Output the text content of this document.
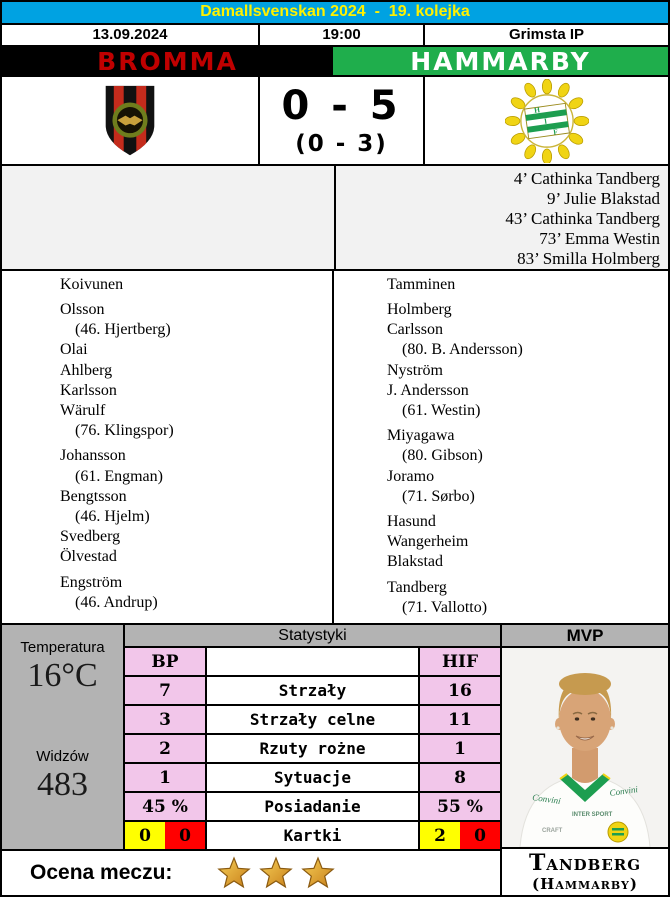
Damallsvenskan 2024  -  19. kolejka
13.09.2024	19:00	Grimsta IP
BROMMA	HAMMARBY
0 - 5
(0 - 3)
H
I
F
4’ Cathinka Tandberg
9’ Julie Blakstad
43’ Cathinka Tandberg
73’ Emma Westin
83’ Smilla Holmberg
Koivunen
Olsson
(46. Hjertberg)
Olai
Ahlberg
Karlsson
Wärulf
(76. Klingspor)
Johansson
(61. Engman)
Bengtsson
(46. Hjelm)
Svedberg
Ölvestad
Engström
(46. Andrup)
Tamminen
Holmberg
Carlsson
(80. B. Andersson)
Nyström
J. Andersson
(61. Westin)
Miyagawa
(80. Gibson)
Joramo
(71. Sørbo)
Hasund
Wangerheim
Blakstad
Tandberg
(71. Vallotto)
Temperatura
16°C
Widzów
483
Statystyki
BP	HIF
7	Strzały	16
3	Strzały celne	11
2	Rzuty rożne	1
1	Sytuacje	8
45 %	Posiadanie	55 %
0	0	Kartki	2	0
Ocena meczu:
MVP
Convini
Convini
INTER SPORT
CRAFT
Tandberg
(Hammarby)
